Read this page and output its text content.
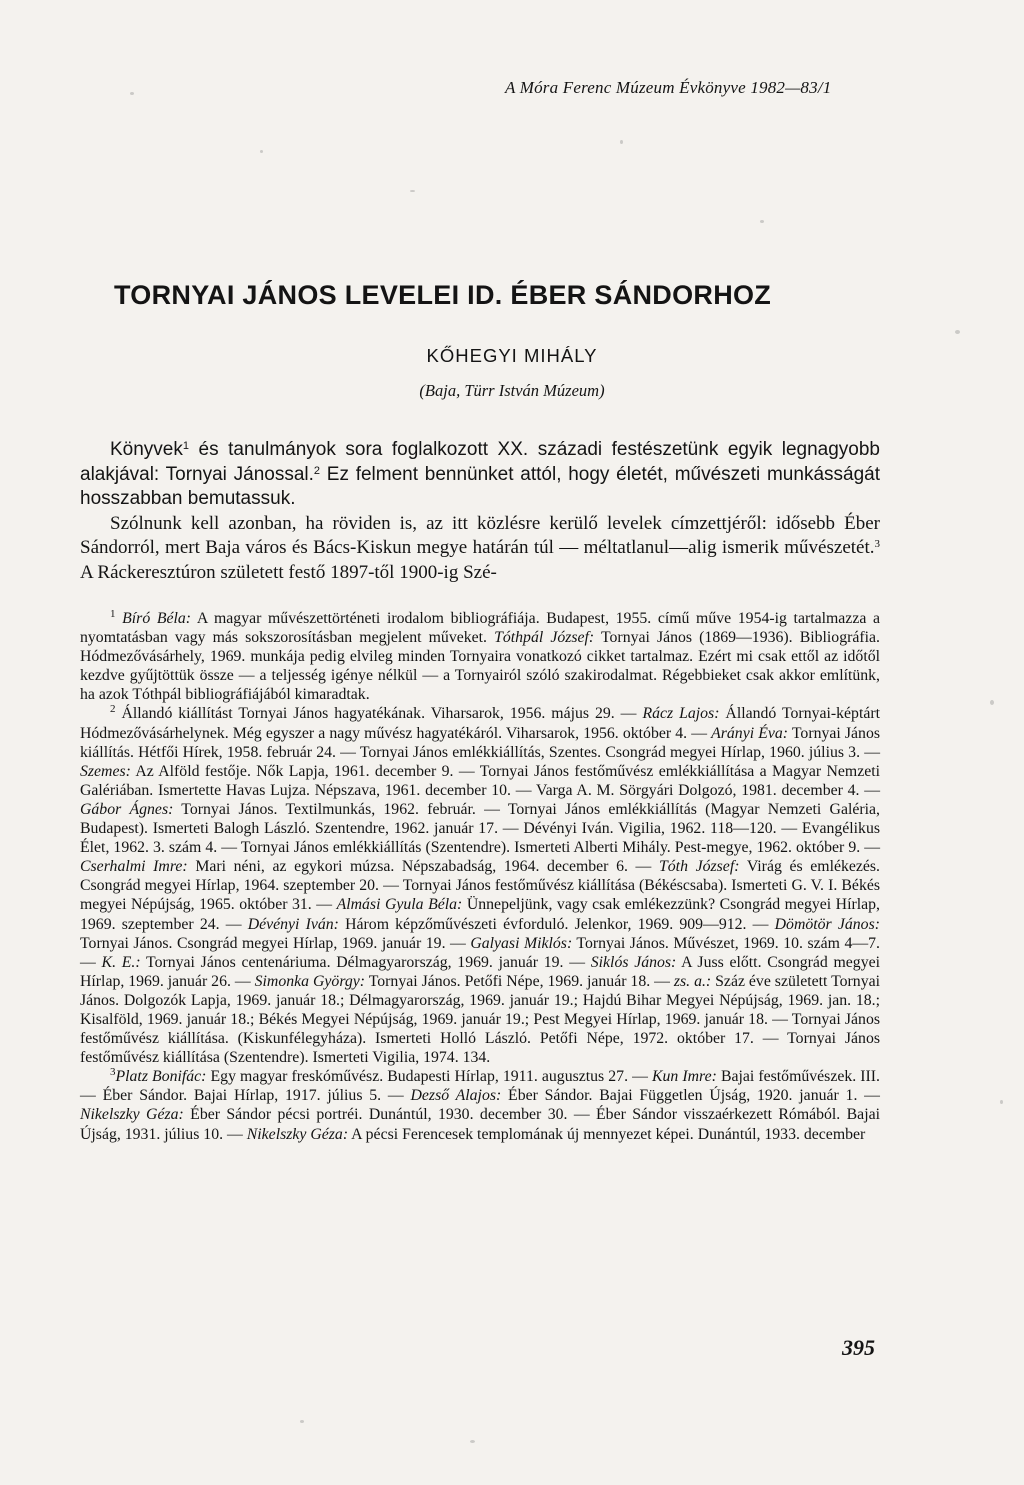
A Móra Ferenc Múzeum Évkönyve 1982—83/1
TORNYAI JÁNOS LEVELEI ID. ÉBER SÁNDORHOZ
KŐHEGYI MIHÁLY
(Baja, Türr István Múzeum)

Könyvek$^1$ és tanulmányok sora foglalkozott XX. századi festészetünk egyik legnagyobb alakjával: Tornyai Jánossal.$^2$ Ez felment bennünket attól, hogy életét, művészeti munkásságát hosszabban bemutassuk.

Szólnunk kell azonban, ha röviden is, az itt közlésre kerülő levelek címzettjéről: idősebb Éber Sándorról, mert Baja város és Bács-Kiskun megye határán túl — méltatlanul—alig ismerik művészetét.$^3$ A Ráckeresztúron született festő 1897-től 1900-ig Szé-

$^1$ Bíró Béla: A magyar művészettörténeti irodalom bibliográfiája. Budapest, 1955. című műve 1954-ig tartalmazza a nyomtatásban vagy más sokszorosításban megjelent műveket. Tóthpál József: Tornyai János (1869—1936). Bibliográfia. Hódmezővásárhely, 1969. munkája pedig elvileg minden Tornyaira vonatkozó cikket tartalmaz. Ezért mi csak ettől az időtől kezdve gyűjtöttük össze — a teljesség igénye nélkül — a Tornyairól szóló szakirodalmat. Régebbieket csak akkor említünk, ha azok Tóthpál bibliográfiájából kimaradtak.

$^2$ Állandó kiállítást Tornyai János hagyatékának. Viharsarok, 1956. május 29. — Rácz Lajos: Állandó Tornyai-képtárt Hódmezővásárhelynek. Még egyszer a nagy művész hagyatékáról. Viharsarok, 1956. október 4. — Arányi Éva: Tornyai János kiállítás. Hétfői Hírek, 1958. február 24. — Tornyai János emlékkiállítás, Szentes. Csongrád megyei Hírlap, 1960. július 3. — Szemes: Az Alföld festője. Nők Lapja, 1961. december 9. — Tornyai János festőművész emlékkiállítása a Magyar Nemzeti Galériában. Ismertette Havas Lujza. Népszava, 1961. december 10. — Varga A. M. Sörgyári Dolgozó, 1981. december 4. — Gábor Ágnes: Tornyai János. Textilmunkás, 1962. február. — Tornyai János emlékkiállítás (Magyar Nemzeti Galéria, Budapest). Ismerteti Balogh László. Szentendre, 1962. január 17. — Dévényi Iván. Vigilia, 1962. 118—120. — Evangélikus Élet, 1962. 3. szám 4. — Tornyai János emlékkiállítás (Szentendre). Ismerteti Alberti Mihály. Pest-megye, 1962. október 9. — Cserhalmi Imre: Mari néni, az egykori múzsa. Népszabadság, 1964. december 6. — Tóth József: Virág és emlékezés. Csongrád megyei Hírlap, 1964. szeptember 20. — Tornyai János festőművész kiállítása (Békéscsaba). Ismerteti G. V. I. Békés megyei Népújság, 1965. október 31. — Almási Gyula Béla: Ünnepeljünk, vagy csak emlékezzünk? Csongrád megyei Hírlap, 1969. szeptember 24. — Dévényi Iván: Három képzőművészeti évforduló. Jelenkor, 1969. 909—912. — Dömötör János: Tornyai János. Csongrád megyei Hírlap, 1969. január 19. — Galyasi Miklós: Tornyai János. Művészet, 1969. 10. szám 4—7. — K. E.: Tornyai János centenáriuma. Délmagyarország, 1969. január 19. — Siklós János: A Juss előtt. Csongrád megyei Hírlap, 1969. január 26. — Simonka György: Tornyai János. Petőfi Népe, 1969. január 18. — zs. a.: Száz éve született Tornyai János. Dolgozók Lapja, 1969. január 18.; Délmagyarország, 1969. január 19.; Hajdú Bihar Megyei Népújság, 1969. jan. 18.; Kisalföld, 1969. január 18.; Békés Megyei Népújság, 1969. január 19.; Pest Megyei Hírlap, 1969. január 18. — Tornyai János festőművész kiállítása. (Kiskunfélegyháza). Ismerteti Holló László. Petőfi Népe, 1972. október 17. — Tornyai János festőművész kiállítása (Szentendre). Ismerteti Vigilia, 1974. 134.

$^3$Platz Bonifác: Egy magyar freskóművész. Budapesti Hírlap, 1911. augusztus 27. — Kun Imre: Bajai festőművészek. III. — Éber Sándor. Bajai Hírlap, 1917. július 5. — Dezső Alajos: Éber Sándor. Bajai Független Újság, 1920. január 1. — Nikelszky Géza: Éber Sándor pécsi portréi. Dunántúl, 1930. december 30. — Éber Sándor visszaérkezett Rómából. Bajai Újság, 1931. július 10. — Nikelszky Géza: A pécsi Ferencesek templomának új mennyezet képei. Dunántúl, 1933. december

395
